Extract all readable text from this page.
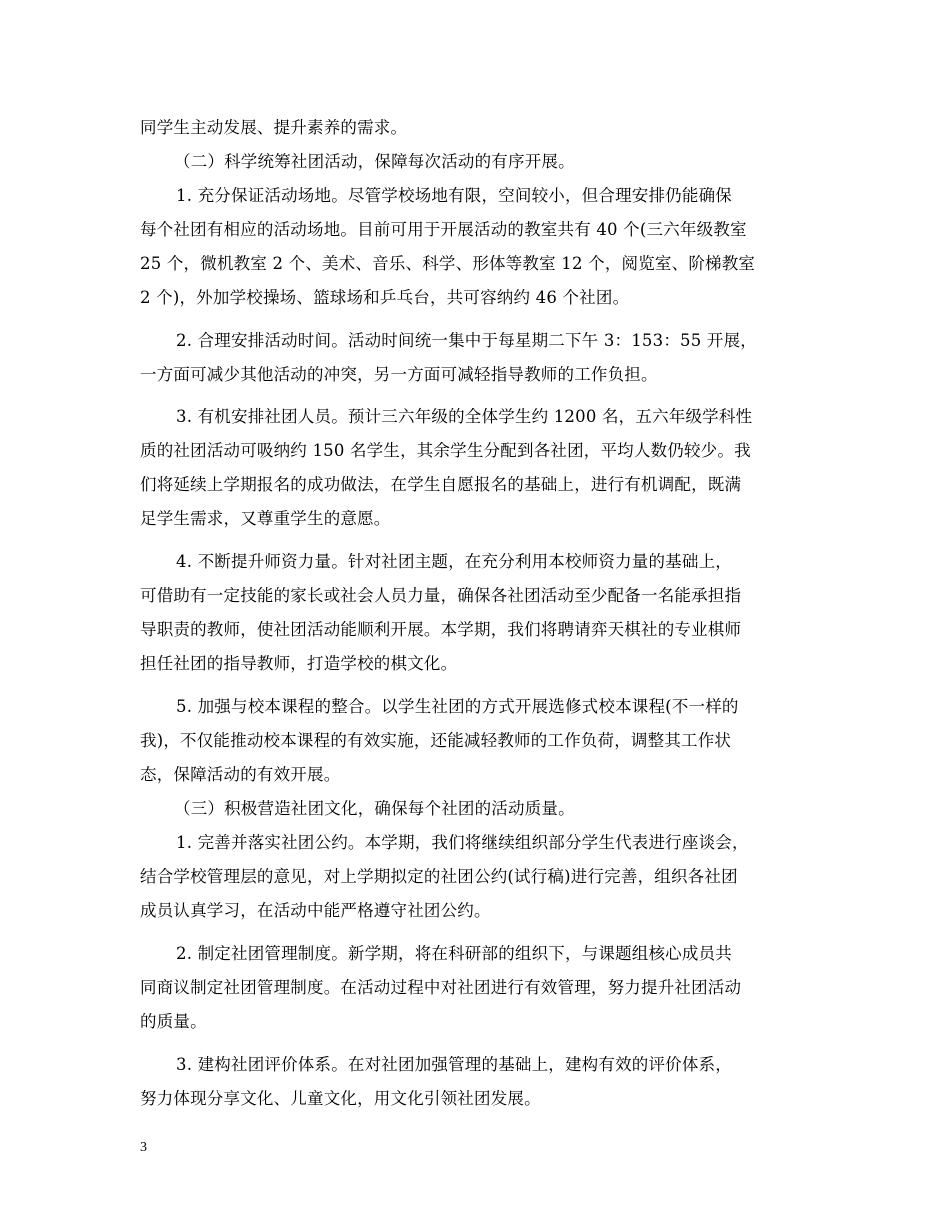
同学生主动发展、提升素养的需求。
（二）科学统筹社团活动，保障每次活动的有序开展。
1. 充分保证活动场地。尽管学校场地有限，空间较小，但合理安排仍能确保
每个社团有相应的活动场地。目前可用于开展活动的教室共有 40 个(三六年级教室
25 个，微机教室 2 个、美术、音乐、科学、形体等教室 12 个，阅览室、阶梯教室
2 个)，外加学校操场、篮球场和乒乓台，共可容纳约 46 个社团。
2. 合理安排活动时间。活动时间统一集中于每星期二下午 3：153：55 开展，
一方面可减少其他活动的冲突，另一方面可减轻指导教师的工作负担。
3. 有机安排社团人员。预计三六年级的全体学生约 1200 名，五六年级学科性
质的社团活动可吸纳约 150 名学生，其余学生分配到各社团，平均人数仍较少。我
们将延续上学期报名的成功做法，在学生自愿报名的基础上，进行有机调配，既满
足学生需求，又尊重学生的意愿。
4. 不断提升师资力量。针对社团主题，在充分利用本校师资力量的基础上，
可借助有一定技能的家长或社会人员力量，确保各社团活动至少配备一名能承担指
导职责的教师，使社团活动能顺利开展。本学期，我们将聘请弈天棋社的专业棋师
担任社团的指导教师，打造学校的棋文化。
5. 加强与校本课程的整合。以学生社团的方式开展选修式校本课程(不一样的
我)，不仅能推动校本课程的有效实施，还能减轻教师的工作负荷，调整其工作状
态，保障活动的有效开展。
（三）积极营造社团文化，确保每个社团的活动质量。
1. 完善并落实社团公约。本学期，我们将继续组织部分学生代表进行座谈会，
结合学校管理层的意见，对上学期拟定的社团公约(试行稿)进行完善，组织各社团
成员认真学习，在活动中能严格遵守社团公约。
2. 制定社团管理制度。新学期，将在科研部的组织下，与课题组核心成员共
同商议制定社团管理制度。在活动过程中对社团进行有效管理，努力提升社团活动
的质量。
3. 建构社团评价体系。在对社团加强管理的基础上，建构有效的评价体系，
努力体现分享文化、儿童文化，用文化引领社团发展。
3
